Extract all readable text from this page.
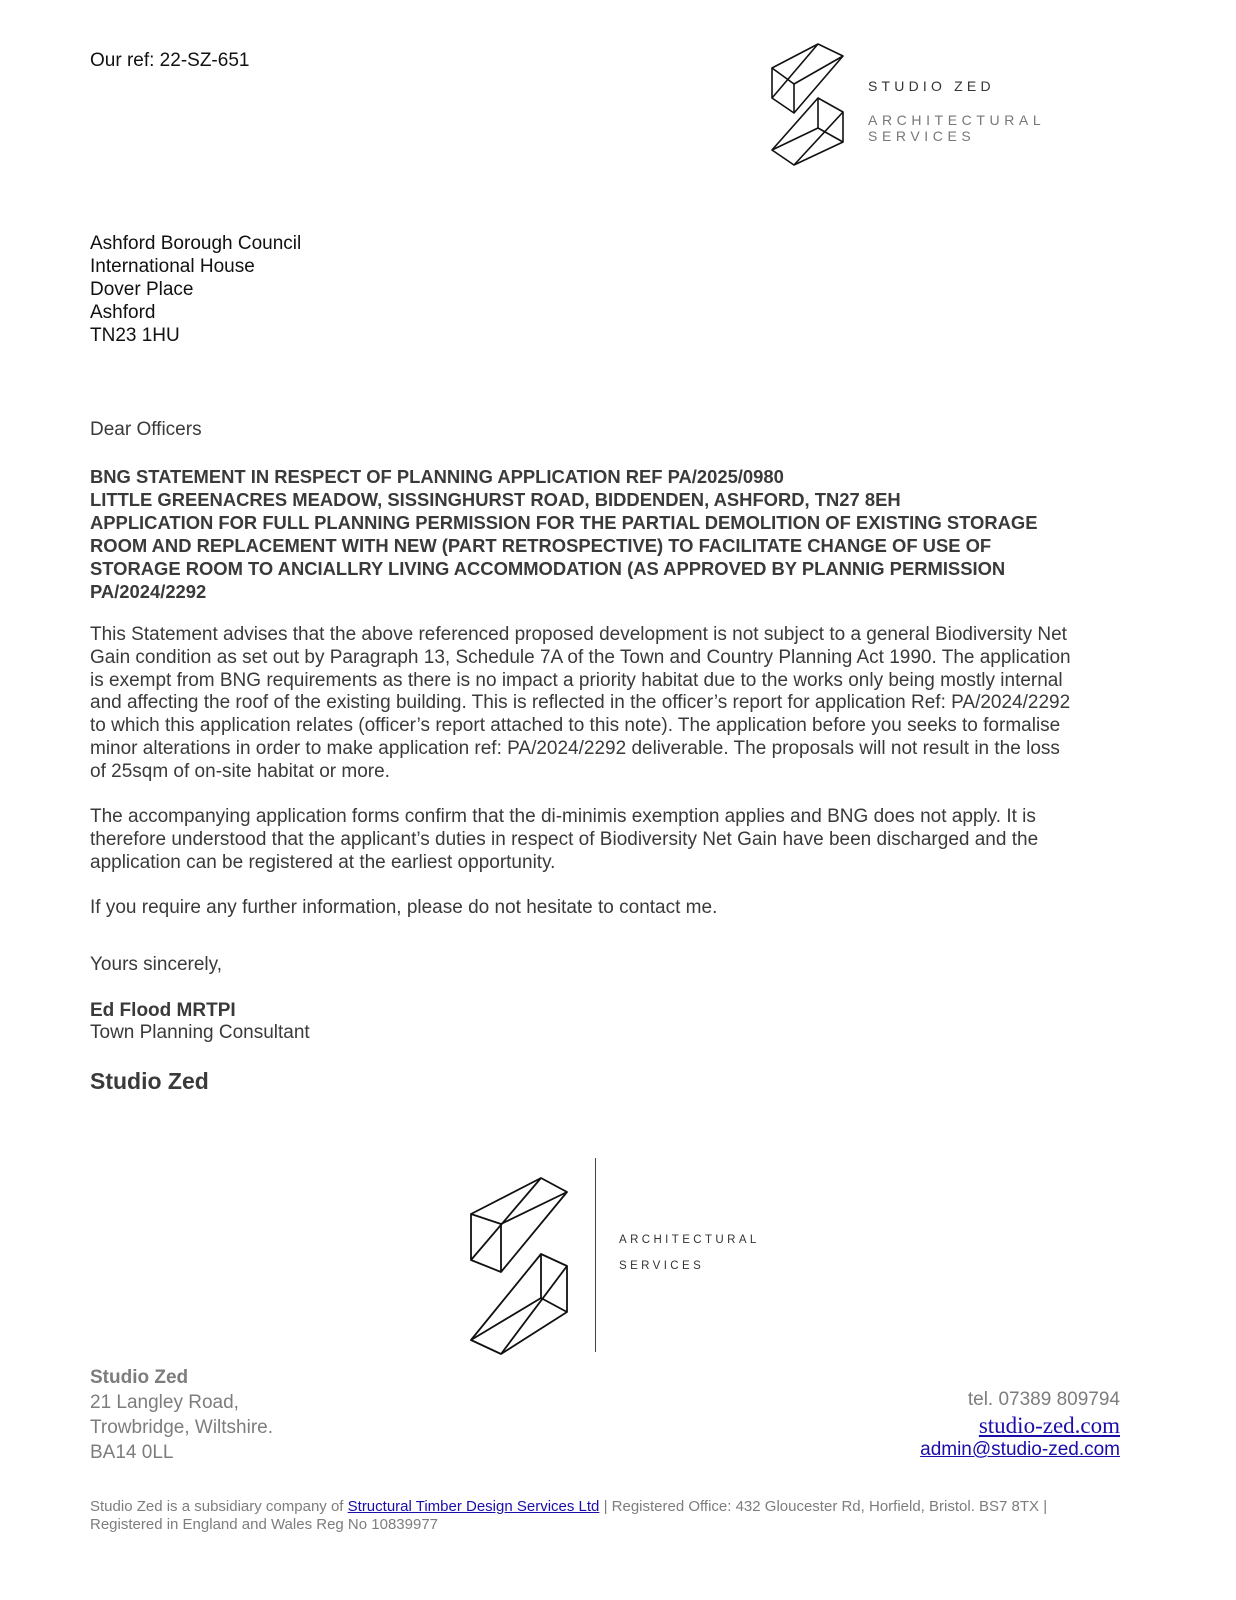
Our ref: 22-SZ-651
STUDIO ZED
ARCHITECTURAL SERVICES
Ashford Borough Council
International House
Dover Place
Ashford
TN23 1HU
Dear Officers
BNG STATEMENT IN RESPECT OF PLANNING APPLICATION REF PA/2025/0980
LITTLE GREENACRES MEADOW, SISSINGHURST ROAD, BIDDENDEN, ASHFORD, TN27 8EH
APPLICATION FOR FULL PLANNING PERMISSION FOR THE PARTIAL DEMOLITION OF EXISTING STORAGE
ROOM AND REPLACEMENT WITH NEW (PART RETROSPECTIVE) TO FACILITATE CHANGE OF USE OF
STORAGE ROOM TO ANCIALLRY LIVING ACCOMMODATION (AS APPROVED BY PLANNIG PERMISSION
PA/2024/2292
This Statement advises that the above referenced proposed development is not subject to a general Biodiversity Net
Gain condition as set out by Paragraph 13, Schedule 7A of the Town and Country Planning Act 1990. The application
is exempt from BNG requirements as there is no impact a priority habitat due to the works only being mostly internal
and affecting the roof of the existing building. This is reflected in the officer’s report for application Ref: PA/2024/2292
to which this application relates (officer’s report attached to this note). The application before you seeks to formalise
minor alterations in order to make application ref: PA/2024/2292 deliverable. The proposals will not result in the loss
of 25sqm of on-site habitat or more.
The accompanying application forms confirm that the di-minimis exemption applies and BNG does not apply. It is
therefore understood that the applicant’s duties in respect of Biodiversity Net Gain have been discharged and the
application can be registered at the earliest opportunity.
If you require any further information, please do not hesitate to contact me.
Yours sincerely,
Ed Flood MRTPI
Town Planning Consultant
Studio Zed
ARCHITECTURAL
SERVICES
Studio Zed
21 Langley Road,
Trowbridge, Wiltshire.
BA14 0LL
tel. 07389 809794
studio-zed.com
admin@studio-zed.com
Studio Zed is a subsidiary company of Structural Timber Design Services Ltd | Registered Office: 432 Gloucester Rd, Horfield, Bristol. BS7 8TX |
Registered in England and Wales Reg No 10839977
